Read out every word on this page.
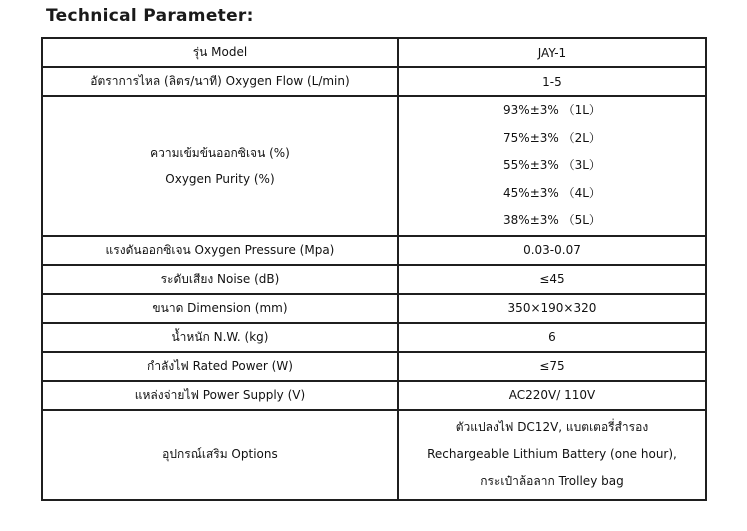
Technical Parameter:
รุ่น Model	JAY-1
อัตราการไหล (ลิตร/นาที) Oxygen Flow (L/min)	1-5

ความเข้มข้นออกซิเจน (%)
Oxygen Purity (%)	93%±3% （1L）
75%±3% （2L）
55%±3% （3L）
45%±3% （4L）
38%±3% （5L）

แรงดันออกซิเจน Oxygen Pressure (Mpa)	0.03-0.07
ระดับเสียง Noise (dB)	≤45
ขนาด Dimension (mm)	350×190×320
น้ำหนัก N.W. (kg)	6
กำลังไฟ Rated Power (W)	≤75
แหล่งจ่ายไฟ Power Supply (V)	AC220V/ 110V
อุปกรณ์เสริม Options	ตัวแปลงไฟ DC12V, แบตเตอรี่สำรอง
Rechargeable Lithium Battery (one hour),
กระเป๋าล้อลาก Trolley bag
